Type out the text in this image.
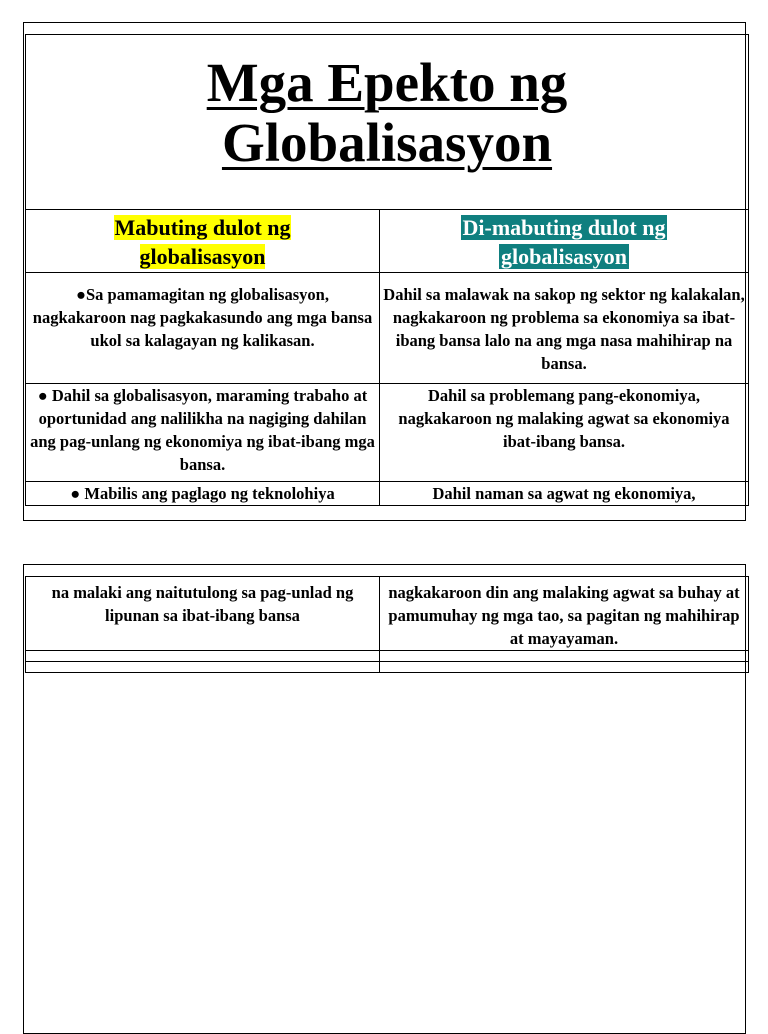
Mga Epekto ng
Globalisasyon	

Mabuting dulot ng
globalisasyon	Di-mabuting dulot ng
globalisasyon

●Sa pamamagitan ng globalisasyon, nagkakaroon nag pagkakasundo ang mga bansa ukol sa kalagayan ng kalikasan.	Dahil sa malawak na sakop ng sektor ng kalakalan, nagkakaroon ng problema sa ekonomiya sa ibat-ibang bansa lalo na ang mga nasa mahihirap na bansa.
● Dahil sa globalisasyon, maraming trabaho at oportunidad ang nalilikha na nagiging dahilan ang pag-unlang ng ekonomiya ng ibat-ibang mga bansa.	Dahil sa problemang pang-ekonomiya, nagkakaroon ng malaking agwat sa ekonomiya ibat-ibang bansa.
● Mabilis ang paglago ng teknolohiya	Dahil naman sa agwat ng ekonomiya,
na malaki ang naitutulong sa pag-unlad ng lipunan sa ibat-ibang bansa	nagkakaroon din ang malaking agwat sa buhay at pamumuhay ng mga tao, sa pagitan ng mahihirap at mayayaman.
